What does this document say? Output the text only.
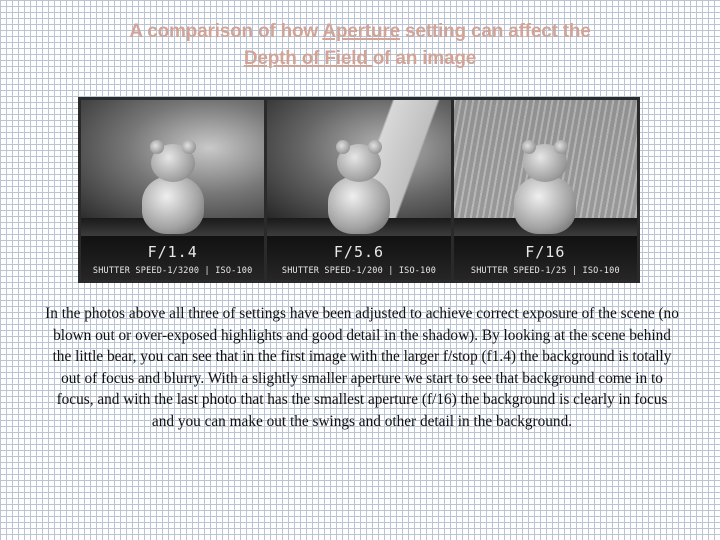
A comparison of how Aperture setting can affect the
Depth of Field of an image
F/1.4
SHUTTER SPEED-1/3200 | ISO-100
F/5.6
SHUTTER SPEED-1/200 | ISO-100
F/16
SHUTTER SPEED-1/25 | ISO-100
In the photos above all three of settings have been adjusted to achieve correct exposure of the scene (no blown out or over-exposed highlights and good detail in the shadow). By looking at the scene behind the little bear, you can see that in the first image with the larger f/stop (f1.4) the background is totally out of focus and blurry. With a slightly smaller aperture we start to see that background come in to focus, and with the last photo that has the smallest aperture (f/16) the background is clearly in focus and you can make out the swings and other detail in the background.
